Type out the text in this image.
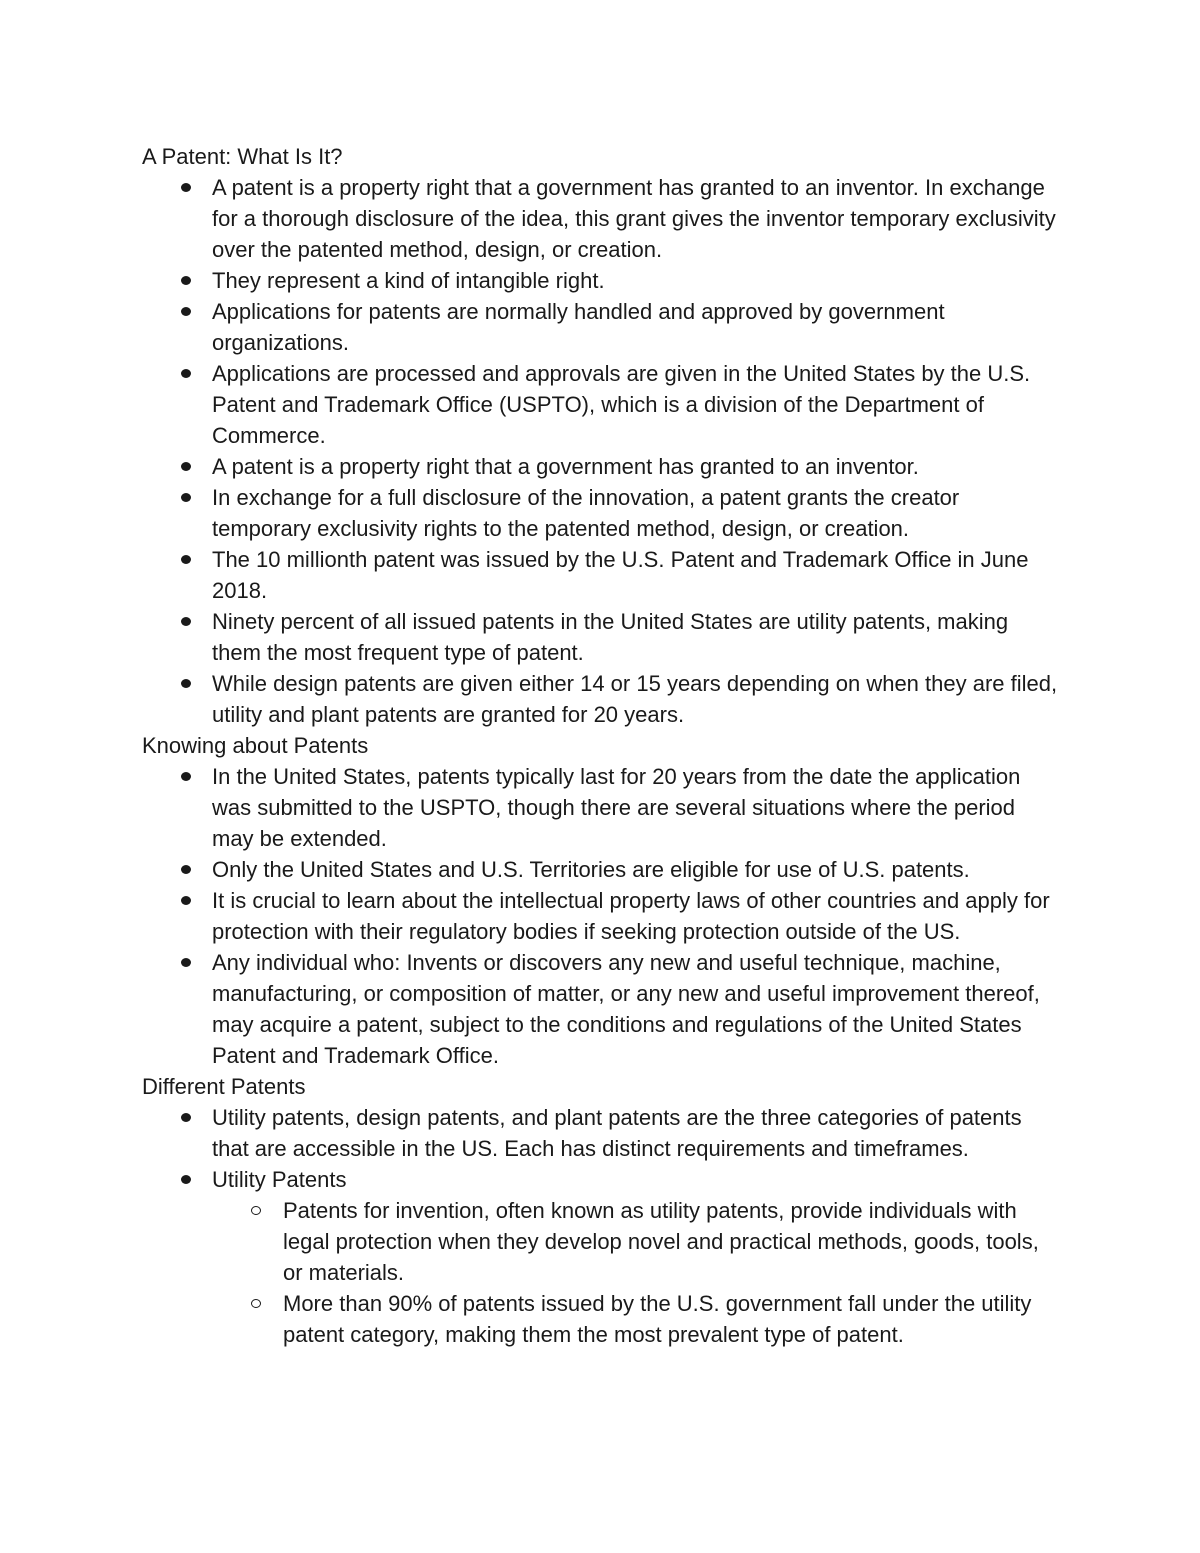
A Patent: What Is It?

A patent is a property right that a government has granted to an inventor. In exchange for a thorough disclosure of the idea, this grant gives the inventor temporary exclusivity over the patented method, design, or creation.
They represent a kind of intangible right.
Applications for patents are normally handled and approved by government organizations.
Applications are processed and approvals are given in the United States by the U.S. Patent and Trademark Office (USPTO), which is a division of the Department of Commerce.
A patent is a property right that a government has granted to an inventor.
In exchange for a full disclosure of the innovation, a patent grants the creator temporary exclusivity rights to the patented method, design, or creation.
The 10 millionth patent was issued by the U.S. Patent and Trademark Office in June 2018.
Ninety percent of all issued patents in the United States are utility patents, making them the most frequent type of patent.
While design patents are given either 14 or 15 years depending on when they are filed, utility and plant patents are granted for 20 years.

Knowing about Patents

In the United States, patents typically last for 20 years from the date the application was submitted to the USPTO, though there are several situations where the period may be extended.
Only the United States and U.S. Territories are eligible for use of U.S. patents.
It is crucial to learn about the intellectual property laws of other countries and apply for protection with their regulatory bodies if seeking protection outside of the US.
Any individual who: Invents or discovers any new and useful technique, machine, manufacturing, or composition of matter, or any new and useful improvement thereof, may acquire a patent, subject to the conditions and regulations of the United States Patent and Trademark Office.

Different Patents

Utility patents, design patents, and plant patents are the three categories of patents that are accessible in the US. Each has distinct requirements and timeframes.
Utility Patents
Patents for invention, often known as utility patents, provide individuals with legal protection when they develop novel and practical methods, goods, tools, or materials.
More than 90% of patents issued by the U.S. government fall under the utility patent category, making them the most prevalent type of patent.
